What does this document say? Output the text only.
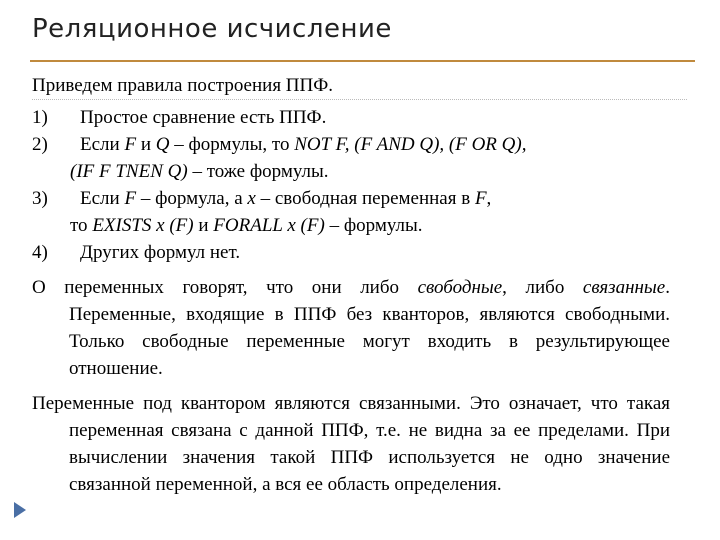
Реляционное исчисление
Приведем правила построения ППФ.
1) Простое сравнение есть ППФ.
2) Если F и Q – формулы, то NOT F, (F AND Q), (F OR Q),
(IF F TNEN Q) – тоже формулы.
3) Если F – формула, а x – свободная переменная в F,
то EXISTS x (F) и FORALL x (F) – формулы.
4) Других формул нет.
О переменных говорят, что они либо свободные, либо связанные. Переменные, входящие в ППФ без кванторов, являются свободными. Только свободные переменные могут входить в результирующее отношение.
Переменные под квантором являются связанными. Это означает, что такая переменная связана с данной ППФ, т.е. не видна за ее пределами. При вычислении значения такой ППФ используется не одно значение связанной переменной, а вся ее область определения.
